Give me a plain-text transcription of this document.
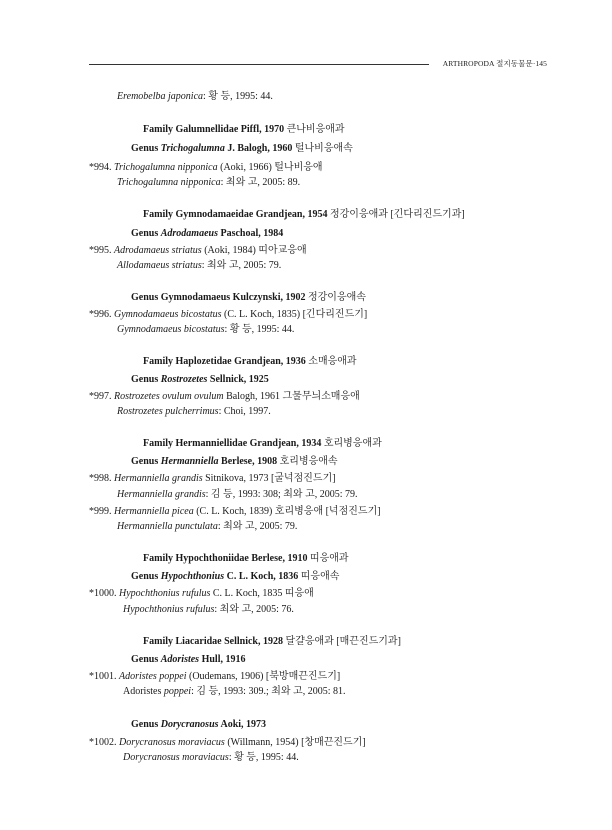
ARTHROPODA 절지동물문·145
Eremobelba japonica: 황 등, 1995: 44.
Family Galumnellidae Piffl, 1970 큰나비응애과
Genus Trichogalumna J. Balogh, 1960 털나비응애속
*994. Trichogalumna nipponica (Aoki, 1966) 털나비응애
Trichogalumna nipponica: 최와 고, 2005: 89.
Family Gymnodamaeidae Grandjean, 1954 정강이응애과 [긴다리진드기과]
Genus Adrodamaeus Paschoal, 1984
*995. Adrodamaeus striatus (Aoki, 1984) 띠아교응애
Allodamaeus striatus: 최와 고, 2005: 79.
Genus Gymnodamaeus Kulczynski, 1902 정강이응애속
*996. Gymnodamaeus bicostatus (C. L. Koch, 1835) [긴다리진드기]
Gymnodamaeus bicostatus: 황 등, 1995: 44.
Family Haplozetidae Grandjean, 1936 소매응애과
Genus Rostrozetes Sellnick, 1925
*997. Rostrozetes ovulum ovulum Balogh, 1961 그물무늬소매응애
Rostrozetes pulcherrimus: Choi, 1997.
Family Hermanniellidae Grandjean, 1934 호리병응애과
Genus Hermanniella Berlese, 1908 호리병응애속
*998. Hermanniella grandis Sitnikova, 1973 [굴넉점진드기]
Hermanniella grandis: 김 등, 1993: 308; 최와 고, 2005: 79.
*999. Hermanniella picea (C. L. Koch, 1839) 호리병응애 [넉점진드기]
Hermanniella punctulata: 최와 고, 2005: 79.
Family Hypochthoniidae Berlese, 1910 띠응애과
Genus Hypochthonius C. L. Koch, 1836 띠응애속
*1000. Hypochthonius rufulus C. L. Koch, 1835 띠응애
Hypochthonius rufulus: 최와 고, 2005: 76.
Family Liacaridae Sellnick, 1928 달걀응애과 [매끈진드기과]
Genus Adoristes Hull, 1916
*1001. Adoristes poppei (Oudemans, 1906) [북방매끈진드기]
Adoristes poppei: 김 등, 1993: 309.; 최와 고, 2005: 81.
Genus Dorycranosus Aoki, 1973
*1002. Dorycranosus moraviacus (Willmann, 1954) [창매끈진드기]
Dorycranosus moraviacus: 황 등, 1995: 44.
